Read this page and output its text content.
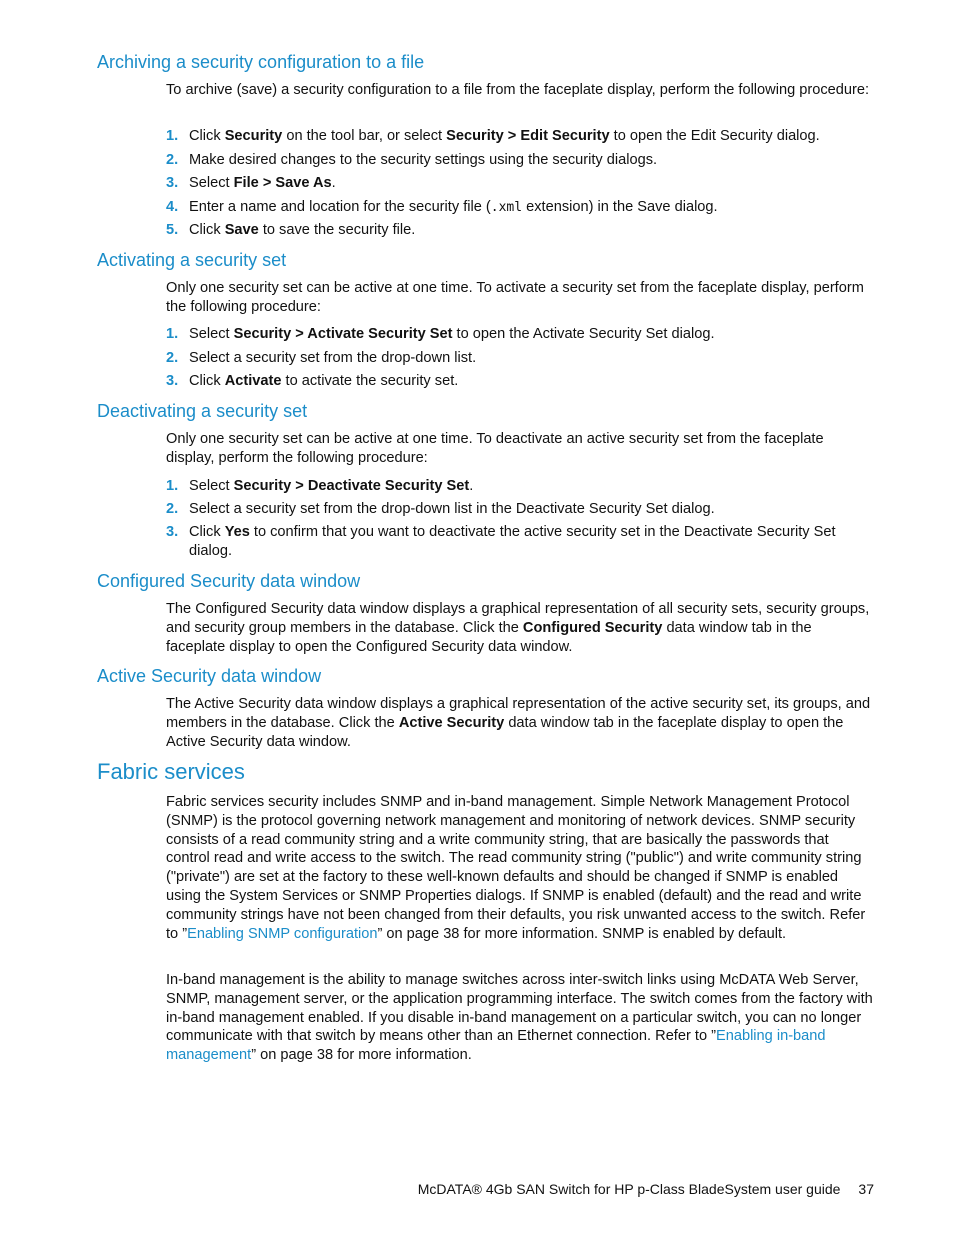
Archiving a security configuration to a file

To archive (save) a security configuration to a file from the faceplate display, perform the following procedure:

1. Click Security on the tool bar, or select Security > Edit Security to open the Edit Security dialog.
2. Make desired changes to the security settings using the security dialogs.
3. Select File > Save As.
4. Enter a name and location for the security file (.xml extension) in the Save dialog.
5. Click Save to save the security file.
Activating a security set

Only one security set can be active at one time. To activate a security set from the faceplate display, perform the following procedure:

1. Select Security > Activate Security Set to open the Activate Security Set dialog.
2. Select a security set from the drop-down list.
3. Click Activate to activate the security set.
Deactivating a security set

Only one security set can be active at one time. To deactivate an active security set from the faceplate display, perform the following procedure:

1. Select Security > Deactivate Security Set.
2. Select a security set from the drop-down list in the Deactivate Security Set dialog.
3. Click Yes to confirm that you want to deactivate the active security set in the Deactivate Security Set dialog.
Configured Security data window

The Configured Security data window displays a graphical representation of all security sets, security groups, and security group members in the database. Click the Configured Security data window tab in the faceplate display to open the Configured Security data window.

Active Security data window

The Active Security data window displays a graphical representation of the active security set, its groups, and members in the database. Click the Active Security data window tab in the faceplate display to open the Active Security data window.

Fabric services

Fabric services security includes SNMP and in-band management. Simple Network Management Protocol (SNMP) is the protocol governing network management and monitoring of network devices. SNMP security consists of a read community string and a write community string, that are basically the passwords that control read and write access to the switch. The read community string ("public") and write community string ("private") are set at the factory to these well-known defaults and should be changed if SNMP is enabled using the System Services or SNMP Properties dialogs. If SNMP is enabled (default) and the read and write community strings have not been changed from their defaults, you risk unwanted access to the switch. Refer to ”Enabling SNMP configuration” on page 38 for more information. SNMP is enabled by default.

In-band management is the ability to manage switches across inter-switch links using McDATA Web Server, SNMP, management server, or the application programming interface. The switch comes from the factory with in-band management enabled. If you disable in-band management on a particular switch, you can no longer communicate with that switch by means other than an Ethernet connection. Refer to ”Enabling in-band management” on page 38 for more information.

McDATA® 4Gb SAN Switch for HP p-Class BladeSystem user guide 37
